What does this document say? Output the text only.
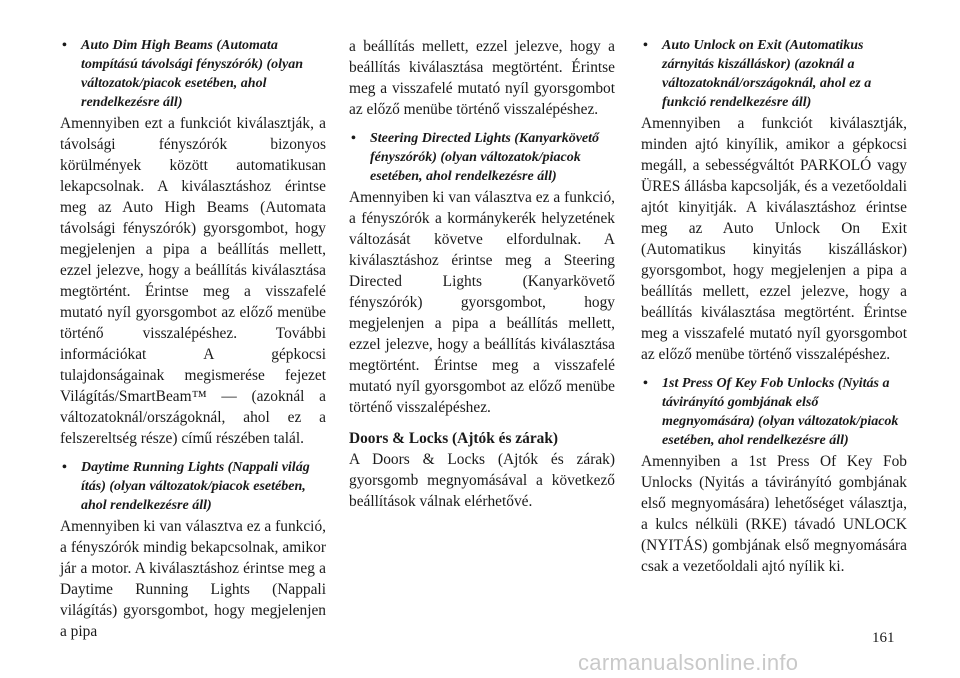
• Auto Dim High Beams (Automata tompítású távolsági fényszórók) (olyan változatok/piacok esetében, ahol rendelkezésre áll)

Amennyiben ezt a funkciót kiválasztják, a távolsági fényszórók bizonyos körülmények között automatikusan lekapcsolnak. A kiválasztáshoz érintse meg az Auto High Beams (Automata távolsági fényszórók) gyorsgombot, hogy megjelenjen a pipa a beállítás mellett, ezzel jelezve, hogy a beállítás kiválasztása megtörtént. Érintse meg a visszafelé mutató nyíl gyorsgombot az előző menübe történő visszalépéshez. További információkat A gépkocsi tulajdonságainak megismerése fejezet Világítás/SmartBeam™ — (azoknál a változatoknál/országoknál, ahol ez a felszereltség része) című részében talál.

• Daytime Running Lights (Nappali világ ítás) (olyan változatok/piacok esetében, ahol rendelkezésre áll)

Amennyiben ki van választva ez a funkció, a fényszórók mindig bekapcsolnak, amikor jár a motor. A kiválasztáshoz érintse meg a Daytime Running Lights (Nappali világítás) gyorsgombot, hogy megjelenjen a pipa

a beállítás mellett, ezzel jelezve, hogy a beállítás kiválasztása megtörtént. Érintse meg a visszafelé mutató nyíl gyorsgombot az előző menübe történő visszalépéshez.

• Steering Directed Lights (Kanyarkövető fényszórók) (olyan változatok/piacok esetében, ahol rendelkezésre áll)

Amennyiben ki van választva ez a funkció, a fényszórók a kormánykerék helyzetének változását követve elfordulnak. A kiválasztáshoz érintse meg a Steering Directed Lights (Kanyarkövető fényszórók) gyorsgombot, hogy megjelenjen a pipa a beállítás mellett, ezzel jelezve, hogy a beállítás kiválasztása megtörtént. Érintse meg a visszafelé mutató nyíl gyorsgombot az előző menübe történő visszalépéshez.

Doors & Locks (Ajtók és zárak)

A Doors & Locks (Ajtók és zárak) gyorsgomb megnyomásával a következő beállítások válnak elérhetővé.

• Auto Unlock on Exit (Automatikus zárnyitás kiszálláskor) (azoknál a változatoknál/országoknál, ahol ez a funkció rendelkezésre áll)

Amennyiben a funkciót kiválasztják, minden ajtó kinyílik, amikor a gépkocsi megáll, a sebességváltót PARKOLÓ vagy ÜRES állásba kapcsolják, és a vezetőoldali ajtót kinyitják. A kiválasztáshoz érintse meg az Auto Unlock On Exit (Automatikus kinyitás kiszálláskor) gyorsgombot, hogy megjelenjen a pipa a beállítás mellett, ezzel jelezve, hogy a beállítás kiválasztása megtörtént. Érintse meg a visszafelé mutató nyíl gyorsgombot az előző menübe történő visszalépéshez.

• 1st Press Of Key Fob Unlocks (Nyitás a távirányító gombjának első megnyomására) (olyan változatok/piacok esetében, ahol rendelkezésre áll)

Amennyiben a 1st Press Of Key Fob Unlocks (Nyitás a távirányító gombjának első megnyomására) lehetőséget választja, a kulcs nélküli (RKE) távadó UNLOCK (NYITÁS) gombjának első megnyomására csak a vezetőoldali ajtó nyílik ki.

161
carmanualsonline.info
